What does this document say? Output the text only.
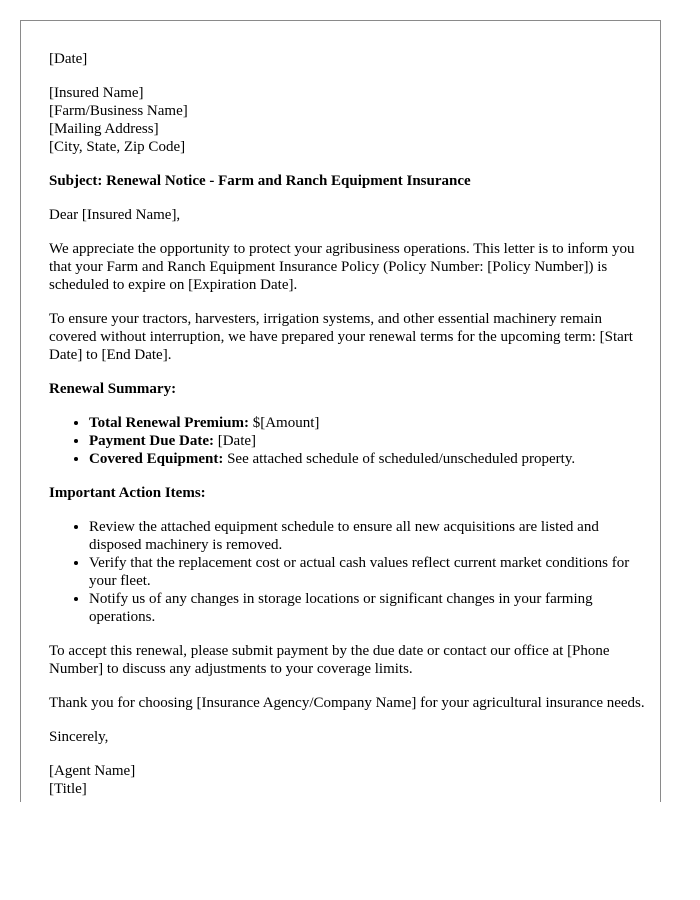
[Date]

[Insured Name]
[Farm/Business Name]
[Mailing Address]
[City, State, Zip Code]

Subject: Renewal Notice - Farm and Ranch Equipment Insurance

Dear [Insured Name],

We appreciate the opportunity to protect your agribusiness operations. This letter is to inform you that your Farm and Ranch Equipment Insurance Policy (Policy Number: [Policy Number]) is scheduled to expire on [Expiration Date].

To ensure your tractors, harvesters, irrigation systems, and other essential machinery remain covered without interruption, we have prepared your renewal terms for the upcoming term: [Start Date] to [End Date].

Renewal Summary:

• Total Renewal Premium: $[Amount]
• Payment Due Date: [Date]
• Covered Equipment: See attached schedule of scheduled/unscheduled property.

Important Action Items:

• Review the attached equipment schedule to ensure all new acquisitions are listed and disposed machinery is removed.
• Verify that the replacement cost or actual cash values reflect current market conditions for your fleet.
• Notify us of any changes in storage locations or significant changes in your farming operations.

To accept this renewal, please submit payment by the due date or contact our office at [Phone Number] to discuss any adjustments to your coverage limits.

Thank you for choosing [Insurance Agency/Company Name] for your agricultural insurance needs.

Sincerely,

[Agent Name]
[Title]
